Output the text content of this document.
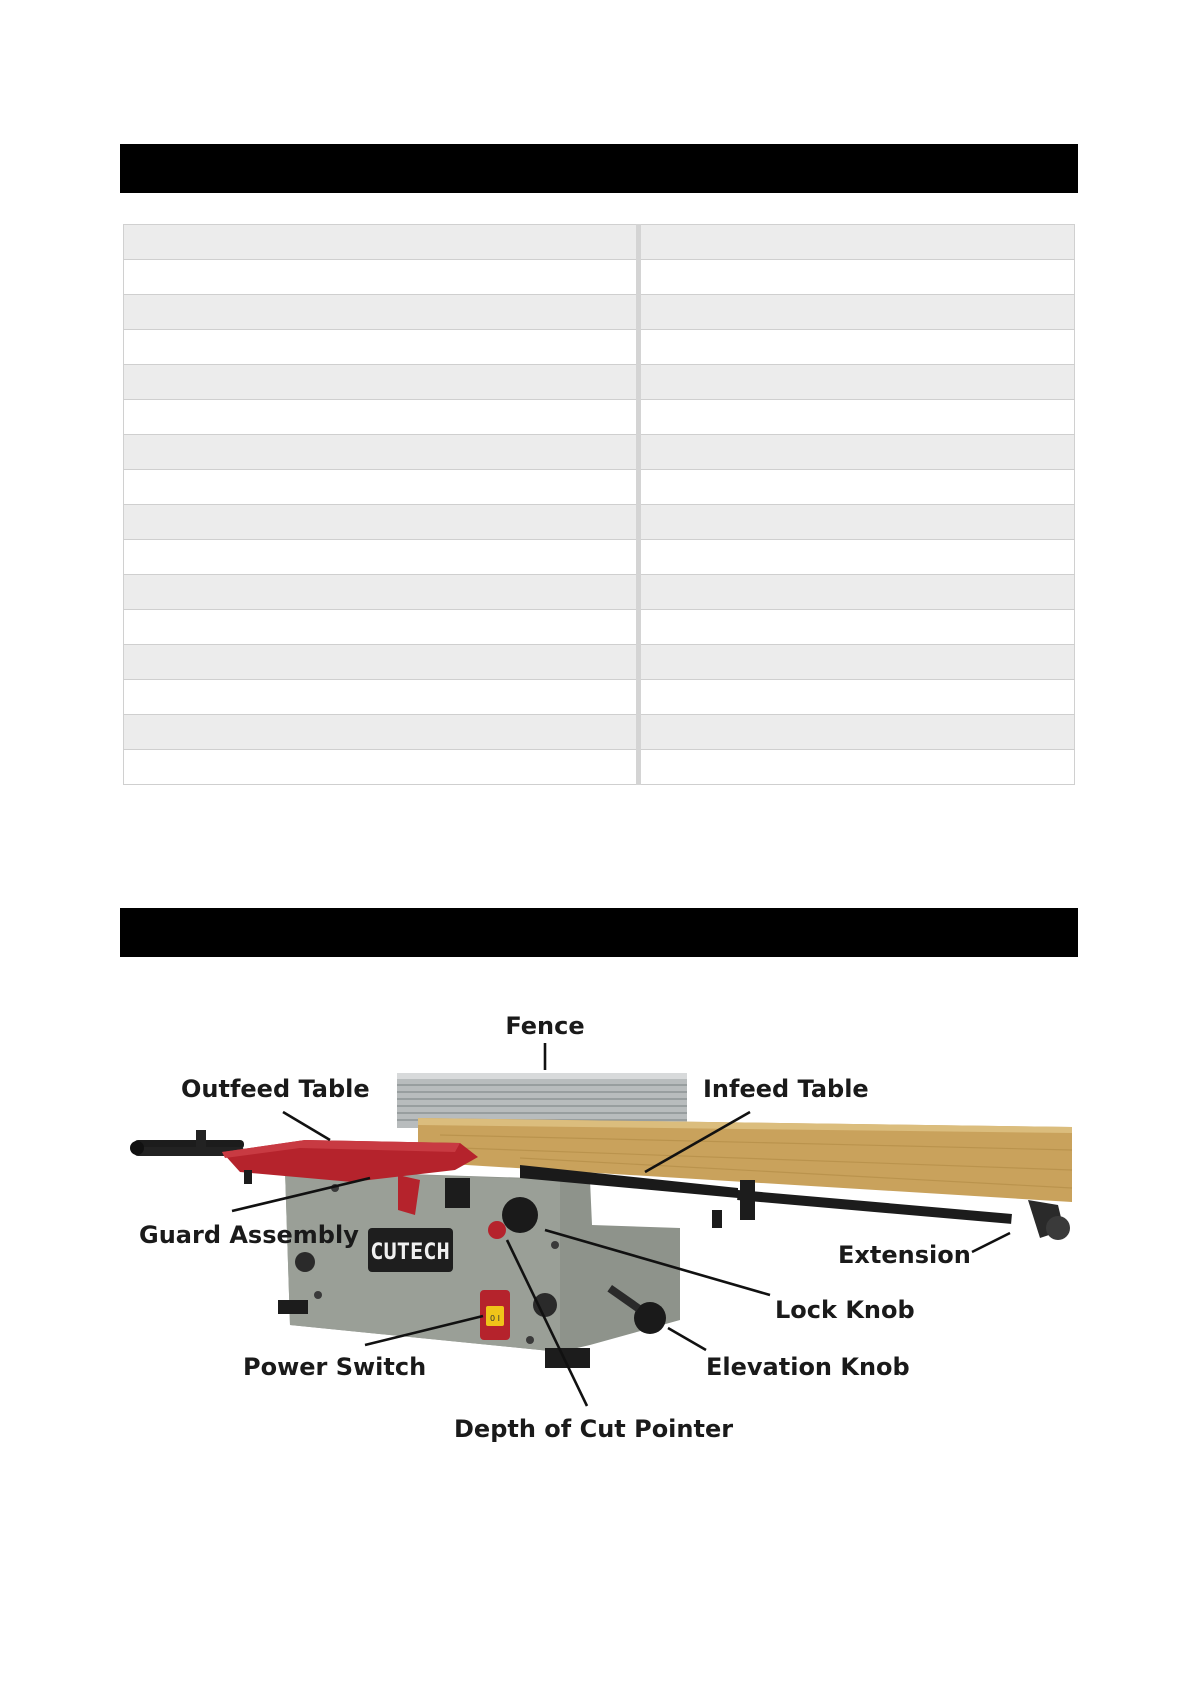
CUTECH
0 I
Fence
Outfeed Table	Infeed Table
Guard Assembly
Extension
Lock Knob
Power Switch	Elevation Knob
Depth of Cut Pointer
